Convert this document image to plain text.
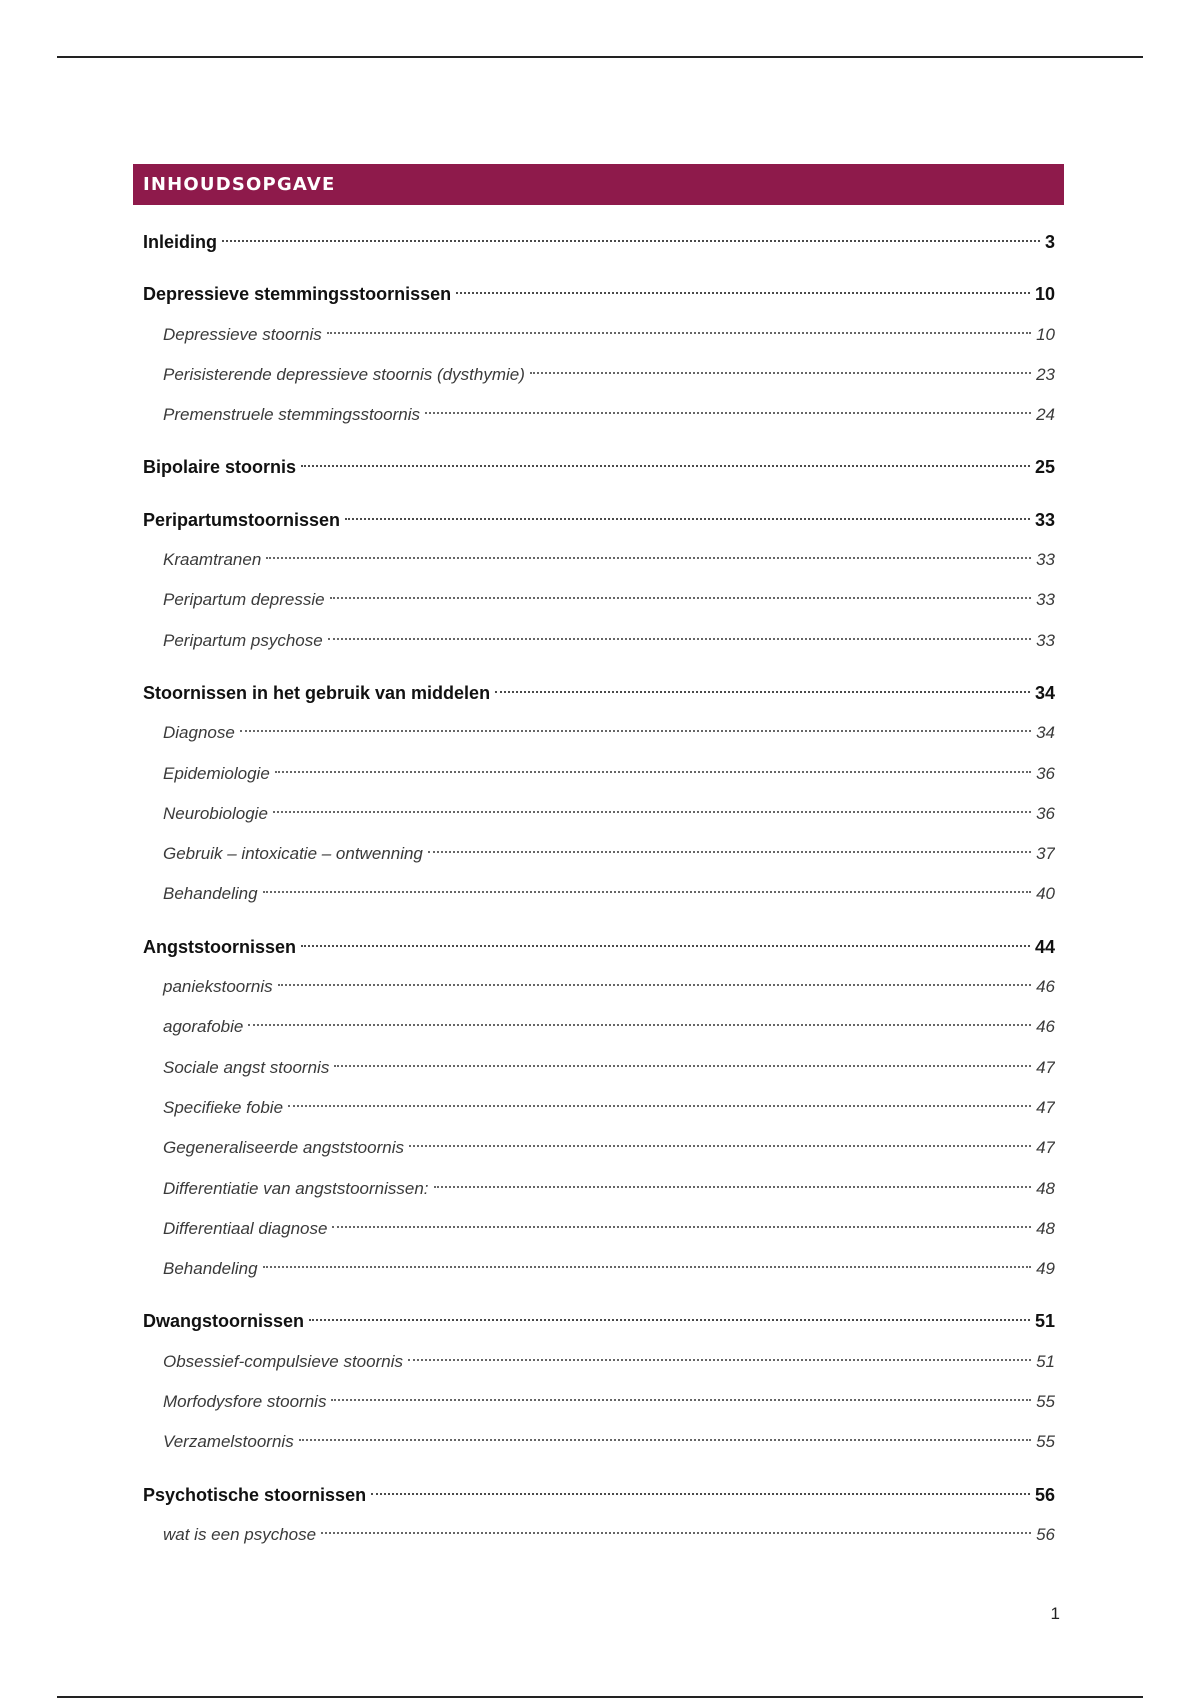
INHOUDSOPGAVE
Inleiding	3
Depressieve stemmingsstoornissen	10
Depressieve stoornis	10
Perisisterende depressieve stoornis (dysthymie)	23
Premenstruele stemmingsstoornis	24
Bipolaire stoornis	25
Peripartumstoornissen	33
Kraamtranen	33
Peripartum depressie	33
Peripartum psychose	33
Stoornissen in het gebruik van middelen	34
Diagnose	34
Epidemiologie	36
Neurobiologie	36
Gebruik – intoxicatie – ontwenning	37
Behandeling	40
Angststoornissen	44
paniekstoornis	46
agorafobie	46
Sociale angst stoornis	47
Specifieke fobie	47
Gegeneraliseerde angststoornis	47
Differentiatie van angststoornissen:	48
Differentiaal diagnose	48
Behandeling	49
Dwangstoornissen	51
Obsessief-compulsieve stoornis	51
Morfodysfore stoornis	55
Verzamelstoornis	55
Psychotische stoornissen	56
wat is een psychose	56
1
